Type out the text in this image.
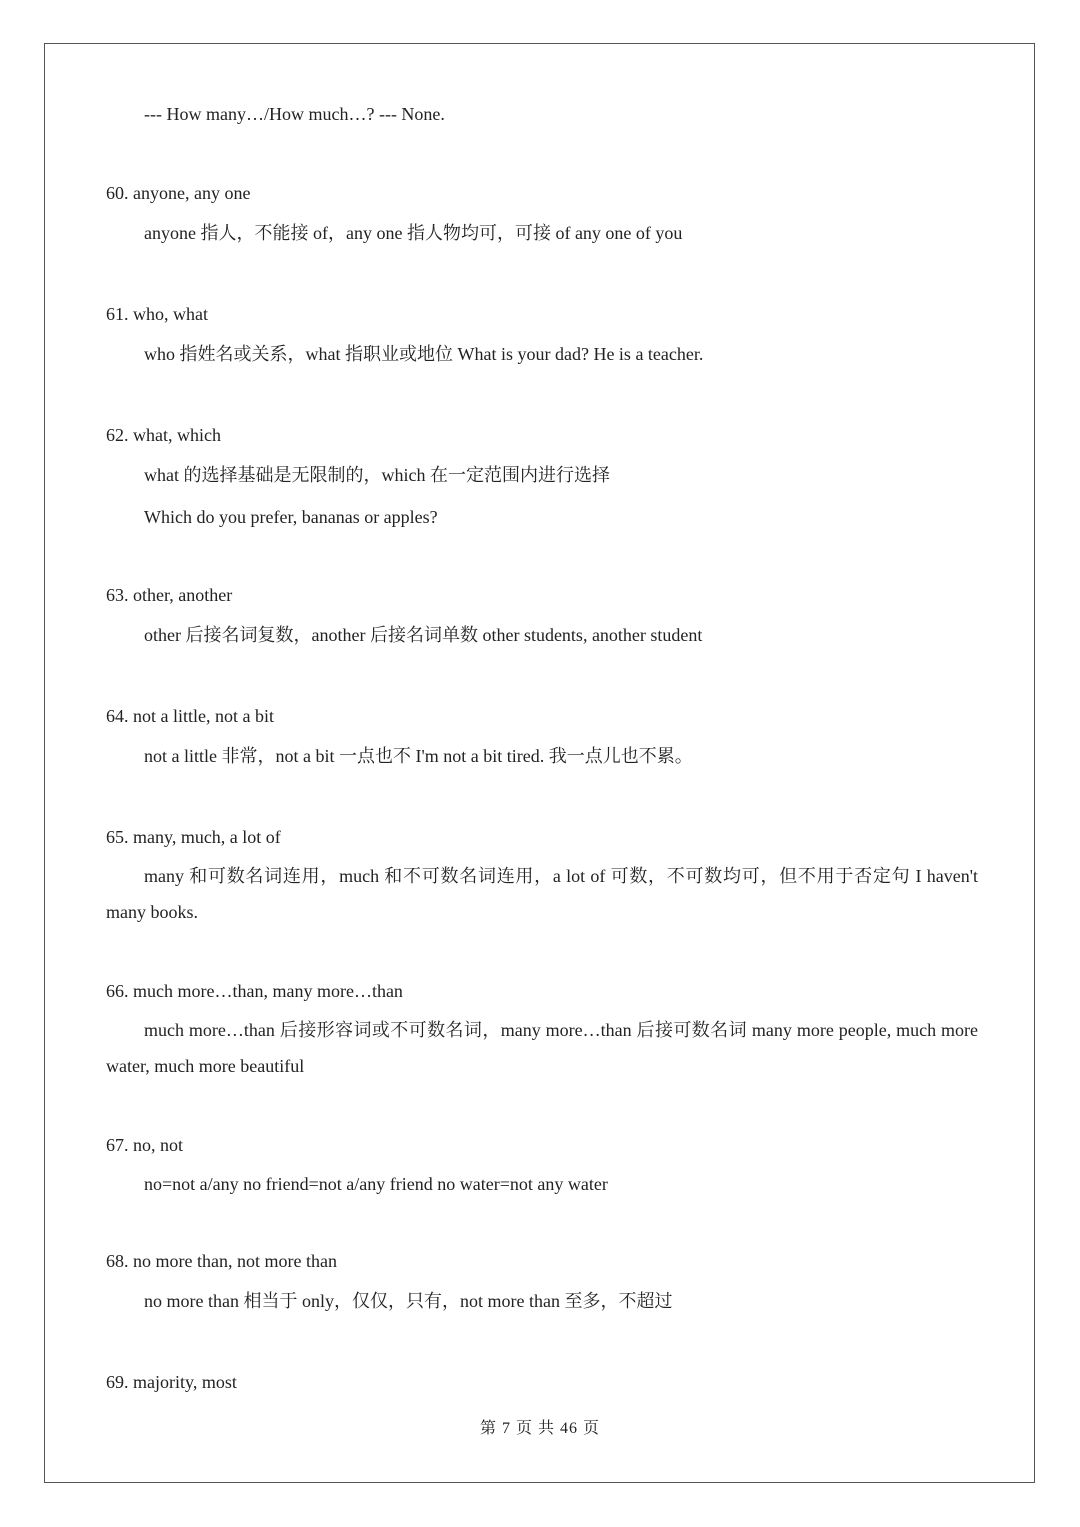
--- How many…/How much…? --- None.
60. anyone, any one
anyone 指人，不能接 of，any one 指人物均可，可接 of any one of you
61. who, what
who 指姓名或关系，what 指职业或地位 What is your dad? He is a teacher.
62. what, which
what 的选择基础是无限制的，which 在一定范围内进行选择
Which do you prefer, bananas or apples?
63. other, another
other 后接名词复数，another 后接名词单数 other students, another student
64. not a little, not a bit
not a little 非常，not a bit 一点也不 I'm not a bit tired. 我一点儿也不累。
65. many, much, a lot of
many 和可数名词连用，much 和不可数名词连用，a lot of 可数，不可数均可，但不用于否定句 I haven't many books.
66. much more…than, many more…than
much more…than 后接形容词或不可数名词，many more…than 后接可数名词 many more people, much more water, much more beautiful
67. no, not
no=not a/any no friend=not a/any friend no water=not any water
68. no more than, not more than
no more than 相当于 only，仅仅，只有，not more than 至多，不超过
69. majority, most
第 7 页 共 46 页
